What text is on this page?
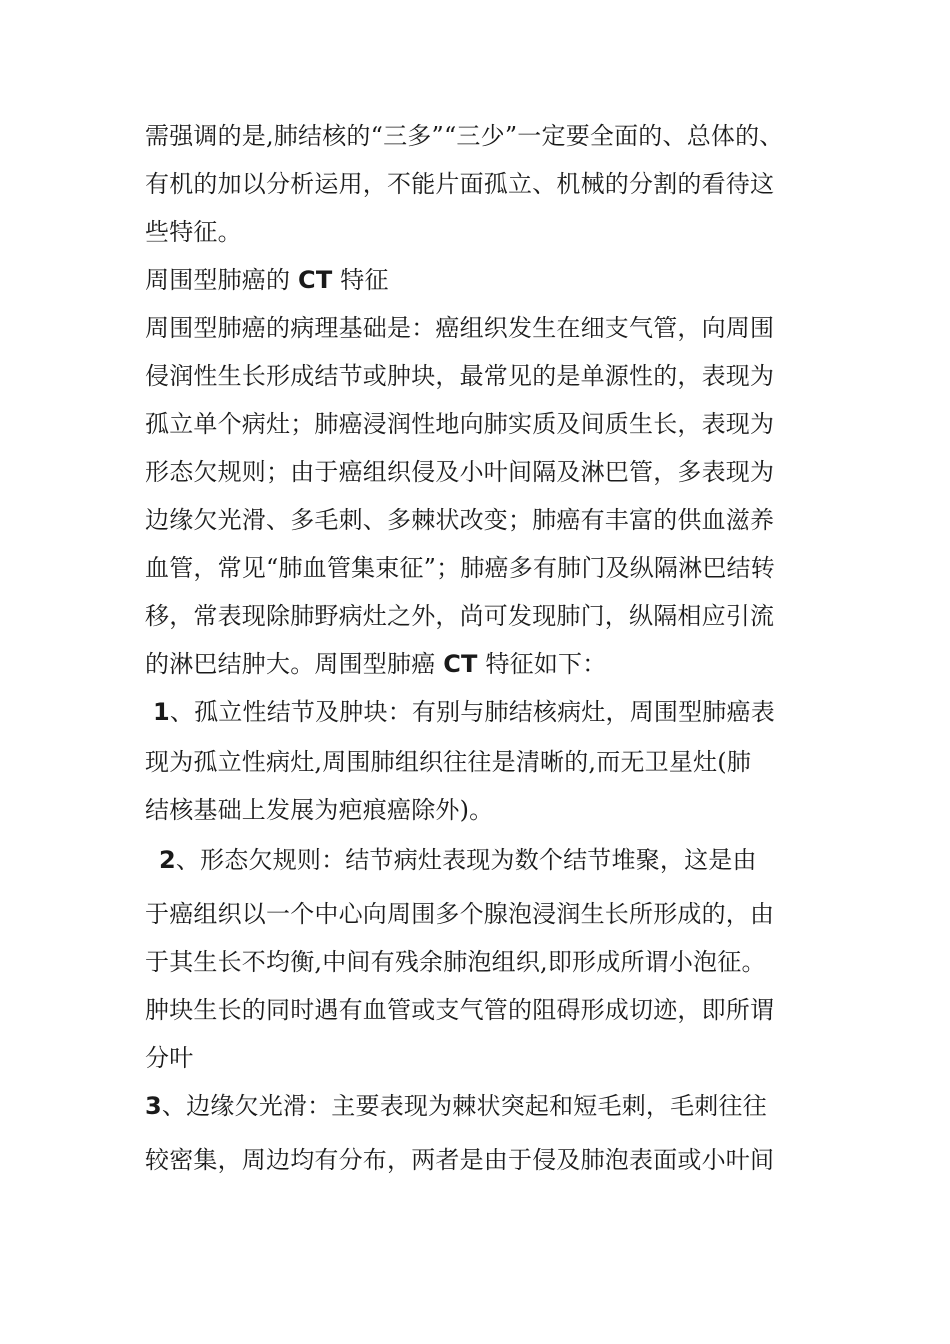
需强调的是,肺结核的“三多”“三少”一定要全面的、总体的、
有机的加以分析运用，不能片面孤立、机械的分割的看待这
些特征。
周围型肺癌的 CT 特征
周围型肺癌的病理基础是：癌组织发生在细支气管，向周围
侵润性生长形成结节或肿块，最常见的是单源性的，表现为
孤立单个病灶；肺癌浸润性地向肺实质及间质生长，表现为
形态欠规则；由于癌组织侵及小叶间隔及淋巴管，多表现为
边缘欠光滑、多毛刺、多棘状改变；肺癌有丰富的供血滋养
血管，常见“肺血管集束征”；肺癌多有肺门及纵隔淋巴结转
移，常表现除肺野病灶之外，尚可发现肺门，纵隔相应引流
的淋巴结肿大。周围型肺癌 CT 特征如下：
1、孤立性结节及肿块：有别与肺结核病灶，周围型肺癌表
现为孤立性病灶,周围肺组织往往是清晰的,而无卫星灶(肺
结核基础上发展为疤痕癌除外)。
2、形态欠规则：结节病灶表现为数个结节堆聚，这是由
于癌组织以一个中心向周围多个腺泡浸润生长所形成的，由
于其生长不均衡,中间有残余肺泡组织,即形成所谓小泡征。
肿块生长的同时遇有血管或支气管的阻碍形成切迹，即所谓
分叶
3、边缘欠光滑：主要表现为棘状突起和短毛刺，毛刺往往
较密集，周边均有分布，两者是由于侵及肺泡表面或小叶间
